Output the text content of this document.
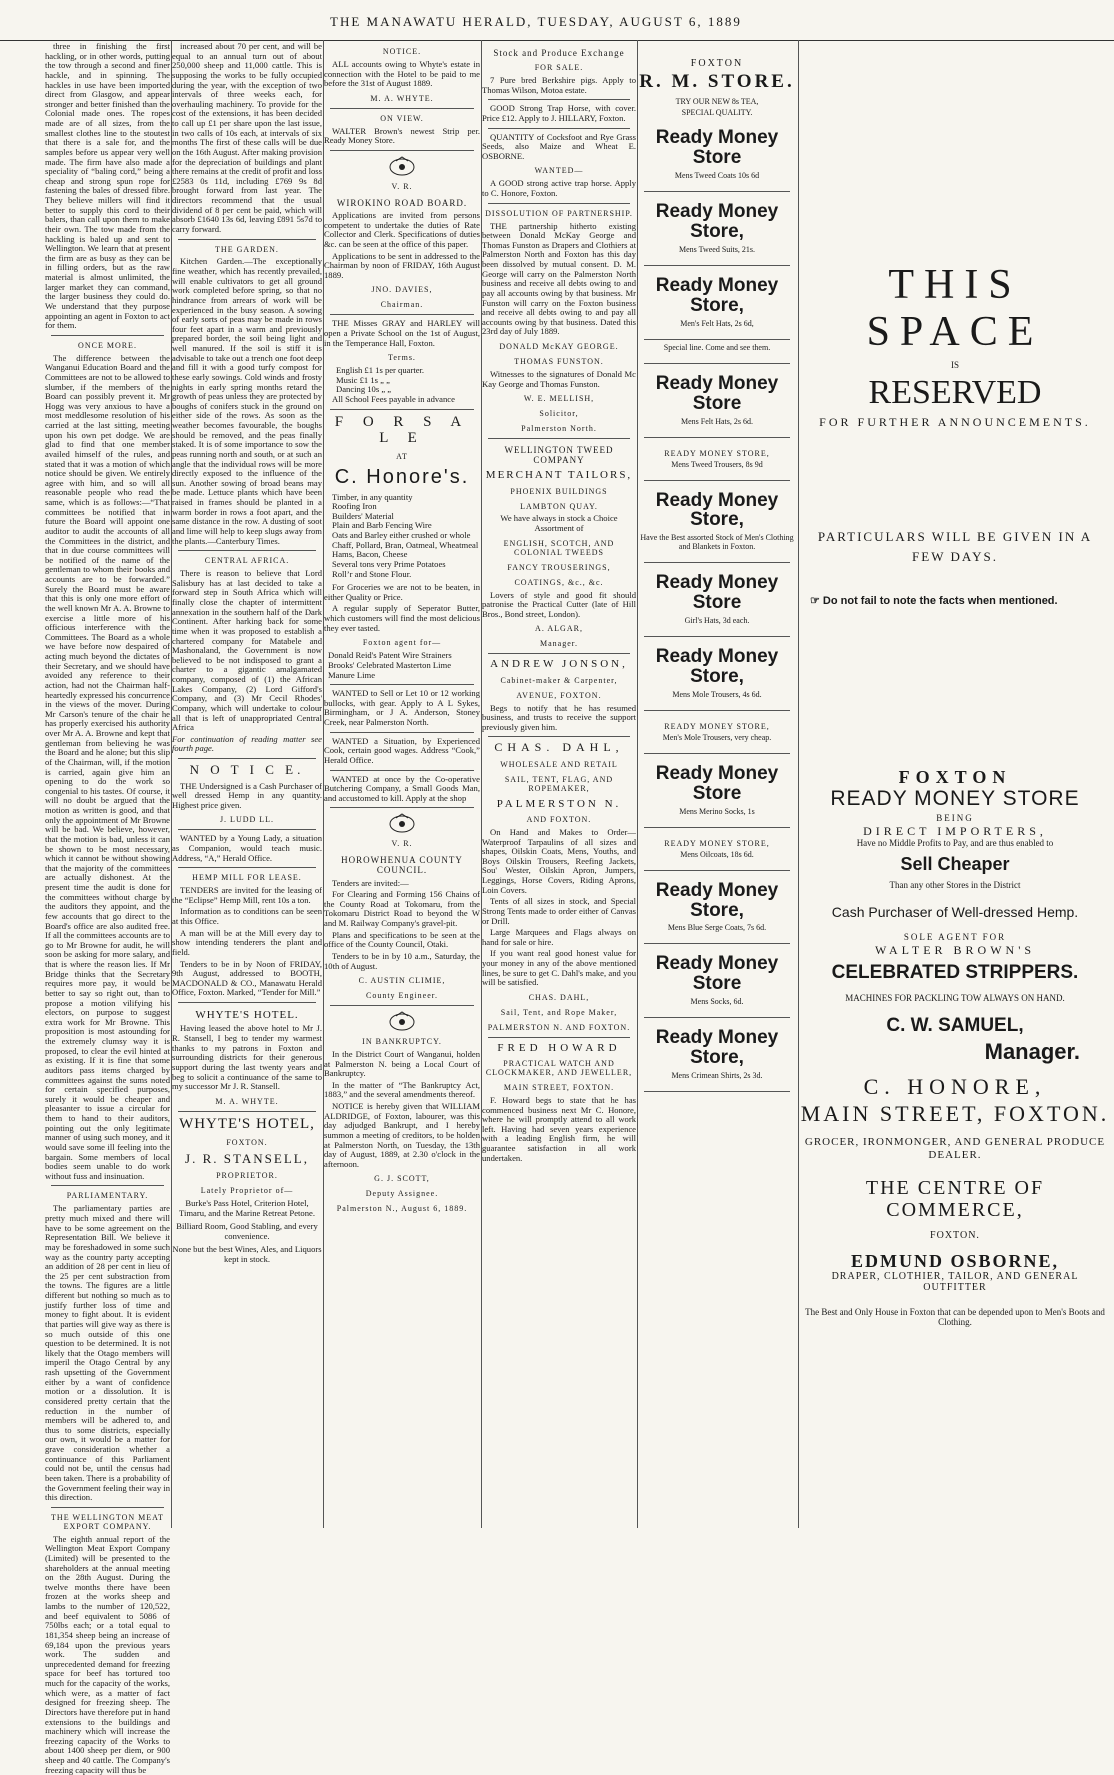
THE MANAWATU HERALD, TUESDAY, AUGUST 6, 1889

three in finishing the first hackling, or in other words, putting the tow through a second and finer hackle, and in spinning. The hackles in use have been imported direct from Glasgow, and appear stronger and better finished than the Colonial made ones. The ropes made are of all sizes, from the smallest clothes line to the stoutest that there is a sale for, and the samples before us appear very well made. The firm have also made a speciality of “baling cord,” being a cheap and strong spun rope for fastening the bales of dressed fibre. They believe millers will find it better to supply this cord to their balers, than call upon them to make their own. The tow made from the hackling is baled up and sent to Wellington. We learn that at present the firm are as busy as they can be in filling orders, but as the raw material is almost unlimited, the larger market they can command, the larger business they could do. We understand that they purpose appointing an agent in Foxton to act for them.

ONCE MORE.

The difference between the Wanganui Education Board and the Committees are not to be allowed to slumber, if the members of the Board can possibly prevent it. Mr Hogg was very anxious to have a most meddlesome resolution of his carried at the last sitting, meeting upon his own pet dodge. We are glad to find that one member availed himself of the rules, and stated that it was a motion of which notice should be given. We entirely agree with him, and so will all reasonable people who read the same, which is as follows:—“That committees be notified that in future the Board will appoint one auditor to audit the accounts of all the Committees in the district, and that in due course committees will be notified of the name of the gentleman to whom their books and accounts are to be forwarded.” Surely the Board must be aware that this is only one more effort of the well known Mr A. A. Browne to exercise a little more of his officious interference with the Committees. The Board as a whole we have before now despaired of acting much beyond the dictates of their Secretary, and we should have avoided any reference to their action, had not the Chairman half-heartedly expressed his concurrence in the views of the mover. During Mr Carson's tenure of the chair he has properly exercised his authority over Mr A. A. Browne and kept that gentleman from believing he was the Board and he alone; but this slip of the Chairman, will, if the motion is carried, again give him an opening to do the work so congenial to his tastes. Of course, it will no doubt be argued that the motion as written is good, and that only the appointment of Mr Browne will be bad. We believe, however, that the motion is bad, unless it can be shown to be most necessary, which it cannot be without showing that the majority of the committees are actually dishonest. At the present time the audit is done for the committees without charge by the auditors they appoint, and the few accounts that go direct to the Board's office are also audited free. If all the committees accounts are to go to Mr Browne for audit, he will soon be asking for more salary, and that is where the reason lies. If Mr Bridge thinks that the Secretary requires more pay, it would be better to say so right out, than to propose a motion vilifying his electors, on purpose to suggest extra work for Mr Browne. This proposition is most astounding for the extremely clumsy way it is proposed, to clear the evil hinted at as existing. If it is fine that some auditors pass items charged by committees against the sums noted for certain specified purposes, surely it would be cheaper and pleasanter to issue a circular for them to hand to their auditors, pointing out the only legitimate manner of using such money, and it would save some ill feeling into the bargain. Some members of local bodies seem unable to do work without fuss and insinuation.

PARLIAMENTARY.

The parliamentary parties are pretty much mixed and there will have to be some agreement on the Representation Bill. We believe it may be foreshadowed in some such way as the country party accepting an addition of 28 per cent in lieu of the 25 per cent substraction from the towns. The figures are a little different but nothing so much as to justify further loss of time and money to fight about. It is evident that parties will give way as there is so much outside of this one question to be determined. It is not likely that the Otago members will imperil the Otago Central by any rash upsetting of the Government either by a want of confidence motion or a dissolution. It is considered pretty certain that the reduction in the number of members will be adhered to, and thus to some districts, especially our own, it would be a matter for grave consideration whether a continuance of this Parliament could not be, until the census had been taken. There is a probability of the Government feeling their way in this direction.

THE WELLINGTON MEAT EXPORT COMPANY.

The eighth annual report of the Wellington Meat Export Company (Limited) will be presented to the shareholders at the annual meeting on the 28th August. During the twelve months there have been frozen at the works sheep and lambs to the number of 120,522, and beef equivalent to 5086 of 750lbs each; or a total equal to 181,354 sheep being an increase of 69,184 upon the previous years work. The sudden and unprecedented demand for freezing space for beef has tortured too much for the capacity of the works, which were, as a matter of fact designed for freezing sheep. The Directors have therefore put in hand extensions to the buildings and machinery which will increase the freezing capacity of the Works to about 1400 sheep per diem, or 900 sheep and 40 cattle. The Company's freezing capacity will thus be

increased about 70 per cent, and will be equal to an annual turn out of about 250,000 sheep and 11,000 cattle. This is supposing the works to be fully occupied during the year, with the exception of two intervals of three weeks each, for overhauling machinery. To provide for the cost of the extensions, it has been decided to call up £1 per share upon the last issue, in two calls of 10s each, at intervals of six months The first of these calls will be due on the 16th August. After making provision for the depreciation of buildings and plant there remains at the credit of profit and loss £2583 0s 11d, including £769 9s 8d brought forward from last year. The directors recommend that the usual dividend of 8 per cent be paid, which will absorb £1640 13s 6d, leaving £891 5s7d to carry forward.

THE GARDEN.

Kitchen Garden.—The exceptionally fine weather, which has recently prevailed, will enable cultivators to get all ground work completed before spring, so that no hindrance from arrears of work will be experienced in the busy season. A sowing of early sorts of peas may be made in rows four feet apart in a warm and previously prepared border, the soil being light and well manured. If the soil is stiff it is advisable to take out a trench one foot deep and fill it with a good turfy compost for these early sowings. Cold winds and frosty nights in early spring months retard the growth of peas unless they are protected by boughs of conifers stuck in the ground on either side of the rows. As soon as the weather becomes favourable, the boughs should be removed, and the peas finally staked. It is of some importance to sow the peas running north and south, or at such an angle that the individual rows will be more directly exposed to the influence of the sun. Another sowing of broad beans may be made. Lettuce plants which have been raised in frames should be planted in a warm border in rows a foot apart, and the same distance in the row. A dusting of soot and lime will help to keep slugs away from the plants.—Canterbury Times.

CENTRAL AFRICA.

There is reason to believe that Lord Salisbury has at last decided to take a forward step in South Africa which will finally close the chapter of intermittent annexation in the southern half of the Dark Continent. After harking back for some time when it was proposed to establish a chartered company for Matabele and Mashonaland, the Government is now believed to be not indisposed to grant a charter to a gigantic amalgamated company, composed of (1) the African Lakes Company, (2) Lord Gifford's Company, and (3) Mr Cecil Rhodes' Company, which will undertake to colour all that is left of unappropriated Central Africa

For continuation of reading matter see fourth page.

N O T I C E.

THE Undersigned is a Cash Purchaser of well dressed Hemp in any quantity. Highest price given.

J. LUDD LL.

WANTED by a Young Lady, a situation as Companion, would teach music. Address, “A,” Herald Office.

HEMP MILL FOR LEASE.

TENDERS are invited for the leasing of the “Eclipse” Hemp Mill, rent 10s a ton.

Information as to conditions can be seen at this Office.

A man will be at the Mill every day to show intending tenderers the plant and field.

Tenders to be in by Noon of FRIDAY, 9th August, addressed to BOOTH, MACDONALD & CO., Manawatu Herald Office, Foxton. Marked, “Tender for Mill.”

WHYTE'S HOTEL.

Having leased the above hotel to Mr J. R. Stansell, I beg to tender my warmest thanks to my patrons in Foxton and surrounding districts for their generous support during the last twenty years and beg to solicit a continuance of the same to my successor Mr J. R. Stansell.

M. A. WHYTE.
WHYTE'S HOTEL,
FOXTON.
J. R. STANSELL,
PROPRIETOR.
Lately Proprietor of—

Burke's Pass Hotel, Criterion Hotel, Timaru, and the Marine Retreat Petone.

Billiard Room, Good Stabling, and every convenience.

None but the best Wines, Ales, and Liquors kept in stock.

NOTICE.

ALL accounts owing to Whyte's estate in connection with the Hotel to be paid to me before the 31st of August 1889.

M. A. WHYTE.
ON VIEW.

WALTER Brown's newest Strip per. Ready Money Store.

V. R.
WIROKINO ROAD BOARD.

Applications are invited from persons competent to undertake the duties of Rate Collector and Clerk. Specifications of duties &c. can be seen at the office of this paper.

Applications to be sent in addressed to the Chairman by noon of FRIDAY, 16th August 1889.

JNO. DAVIES,
Chairman.

THE Misses GRAY and HARLEY will open a Private School on the 1st of August, in the Temperance Hall, Foxton.

Terms.
English £1 1s per quarter.
Music £1 1s „ „
Dancing 10s „ „

All School Fees payable in advance

F O R S A L E
AT
C. Honore's.
Timber, in any quantity
Roofing Iron
Builders' Material
Plain and Barb Fencing Wire
Oats and Barley either crushed or whole
Chaff, Pollard, Bran, Oatmeal, Wheatmeal
Hams, Bacon, Cheese
Several tons very Prime Potatoes
Roll’r and Stone Flour.

For Groceries we are not to be beaten, in either Quality or Price.

A regular supply of Seperator Butter, which customers will find the most delicious they ever tasted.

Foxton agent for—
Donald Reid's Patent Wire Strainers
Brooks' Celebrated Masterton Lime
Manure Lime

WANTED to Sell or Let 10 or 12 working bullocks, with gear. Apply to A L Sykes, Birmingham, or J A. Anderson, Stoney Creek, near Palmerston North.

WANTED a Situation, by Experienced Cook, certain good wages. Address “Cook,” Herald Office.

WANTED at once by the Co-operative Butchering Company, a Small Goods Man, and accustomed to kill. Apply at the shop

V. R.
HOROWHENUA COUNTY COUNCIL.

Tenders are invited:—

For Clearing and Forming 156 Chains of the County Road at Tokomaru, from the Tokomaru District Road to beyond the W and M. Railway Company's gravel-pit.

Plans and specifications to be seen at the office of the County Council, Otaki.

Tenders to be in by 10 a.m., Saturday, the 10th of August.

C. AUSTIN CLIMIE,
County Engineer.
IN BANKRUPTCY.

In the District Court of Wanganui, holden at Palmerston N. being a Local Court of Bankruptcy.

In the matter of “The Bankruptcy Act, 1883,” and the several amendments thereof.

NOTICE is hereby given that WILLIAM ALDRIDGE, of Foxton, labourer, was this day adjudged Bankrupt, and I hereby summon a meeting of creditors, to be holden at Palmerston North, on Tuesday, the 13th day of August, 1889, at 2.30 o'clock in the afternoon.

G. J. SCOTT,
Deputy Assignee.
Palmerston N., August 6, 1889.
Stock and Produce Exchange
FOR SALE.

7 Pure bred Berkshire pigs. Apply to Thomas Wilson, Motoa estate.

GOOD Strong Trap Horse, with cover. Price £12. Apply to J. HILLARY, Foxton.

QUANTITY of Cocksfoot and Rye Grass Seeds, also Maize and Wheat E. OSBORNE.

WANTED—

A GOOD strong active trap horse. Apply to C. Honore, Foxton.

DISSOLUTION OF PARTNERSHIP.

THE partnership hitherto existing between Donald McKay George and Thomas Funston as Drapers and Clothiers at Palmerston North and Foxton has this day been dissolved by mutual consent. D. M. George will carry on the Palmerston North business and receive all debts owing to and pay all accounts owing by that business. Mr Funston will carry on the Foxton business and receive all debts owing to and pay all accounts owing by that business. Dated this 23rd day of July 1889.

DONALD McKAY GEORGE.
THOMAS FUNSTON.

Witnesses to the signatures of Donald Mc Kay George and Thomas Funston.

W. E. MELLISH,
Solicitor,
Palmerston North.
WELLINGTON TWEED COMPANY
MERCHANT TAILORS,
PHOENIX BUILDINGS
LAMBTON QUAY.

We have always in stock a Choice Assortment of

ENGLISH, SCOTCH, AND COLONIAL TWEEDS
FANCY TROUSERINGS,
COATINGS, &c., &c.

Lovers of style and good fit should patronise the Practical Cutter (late of Hill Bros., Bond street, London).

A. ALGAR,
Manager.
ANDREW JONSON,
Cabinet-maker & Carpenter,
AVENUE, FOXTON.

Begs to notify that he has resumed business, and trusts to receive the support previously given him.

CHAS. DAHL,
WHOLESALE AND RETAIL
SAIL, TENT, FLAG, AND ROPEMAKER,
PALMERSTON N.
AND FOXTON.

On Hand and Makes to Order—Waterproof Tarpaulins of all sizes and shapes, Oilskin Coats, Mens, Youths, and Boys Oilskin Trousers, Reefing Jackets, Sou' Wester, Oilskin Apron, Jumpers, Leggings, Horse Covers, Riding Aprons, Loin Covers.

Tents of all sizes in stock, and Special Strong Tents made to order either of Canvas or Drill.

Large Marquees and Flags always on hand for sale or hire.

If you want real good honest value for your money in any of the above mentioned lines, be sure to get C. Dahl's make, and you will be satisfied.

CHAS. DAHL,
Sail, Tent, and Rope Maker,
PALMERSTON N. AND FOXTON.
FRED HOWARD
PRACTICAL WATCH AND CLOCKMAKER, AND JEWELLER,
MAIN STREET, FOXTON.

F. Howard begs to state that he has commenced business next Mr C. Honore, where he will promptly attend to all work left. Having had seven years experience with a leading English firm, he will guarantee satisfaction in all work undertaken.

FOXTON
R. M. STORE.
TRY OUR NEW 8s TEA,
SPECIAL QUALITY.
Ready Money Store
Mens Tweed Coats 10s 6d
Ready Money Store,
Mens Tweed Suits, 21s.
Ready Money Store,
Men's Felt Hats, 2s 6d,
Special line. Come and see them.
Ready Money Store
Mens Felt Hats, 2s 6d.
READY MONEY STORE,
Mens Tweed Trousers, 8s 9d
Ready Money Store,
Have the Best assorted Stock of Men's Clothing and Blankets in Foxton.
Ready Money Store
Girl's Hats, 3d each.
Ready Money Store,
Mens Mole Trousers, 4s 6d.
READY MONEY STORE,
Men's Mole Trousers, very cheap.
Ready Money Store
Mens Merino Socks, 1s
READY MONEY STORE,
Mens Oilcoats, 18s 6d.
Ready Money Store,
Mens Blue Serge Coats, 7s 6d.
Ready Money Store
Mens Socks, 6d.
Ready Money Store,
Mens Crimean Shirts, 2s 3d.
THIS SPACE
IS
RESERVED
FOR FURTHER ANNOUNCEMENTS.
PARTICULARS WILL BE GIVEN IN A
FEW DAYS.
☞ Do not fail to note the facts when mentioned.
FOXTON
READY MONEY STORE
BEING
DIRECT IMPORTERS,
Have no Middle Profits to Pay, and are thus enabled to
Sell Cheaper
Than any other Stores in the District
Cash Purchaser of Well-dressed Hemp.
SOLE AGENT FOR
WALTER BROWN'S
CELEBRATED STRIPPERS.
MACHINES FOR PACKLING TOW ALWAYS ON HAND.
C. W. SAMUEL,
Manager.
C. HONORE,
MAIN STREET, FOXTON.
GROCER, IRONMONGER, AND GENERAL PRODUCE DEALER.
THE CENTRE OF COMMERCE,
FOXTON.
EDMUND OSBORNE,
DRAPER, CLOTHIER, TAILOR, AND GENERAL OUTFITTER
The Best and Only House in Foxton that can be depended upon to Men's Boots and Clothing.
